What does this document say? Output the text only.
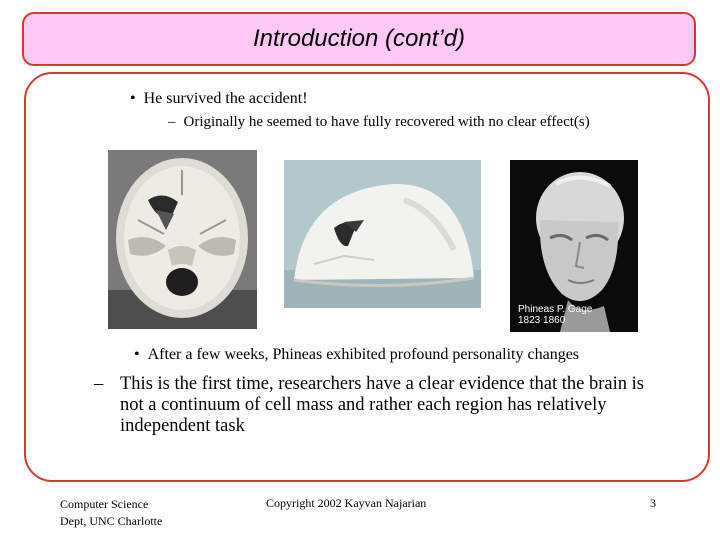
Introduction (cont’d)
• He survived the accident!
– Originally he seemed to have fully recovered with no clear effect(s)
Phineas P. Gage
1823 1860
• After a few weeks, Phineas exhibited profound personality changes
– This is the first time, researchers have a clear evidence that the brain is not a continuum of cell mass and rather each region has relatively independent task
Computer Science
Dept, UNC Charlotte
Copyright 2002 Kayvan Najarian	3
